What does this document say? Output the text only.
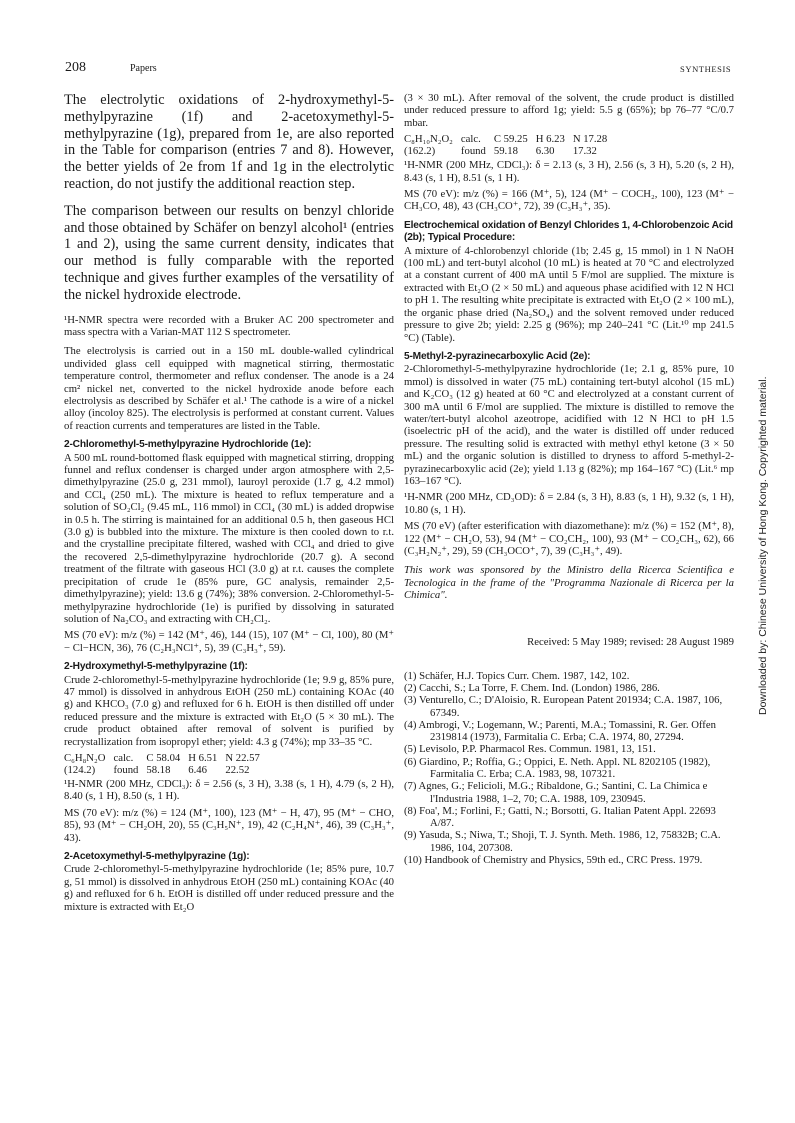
208	Papers	SYNTHESIS

The electrolytic oxidations of 2-hydroxymethyl-5-methylpyrazine (1f) and 2-acetoxymethyl-5-methylpyrazine (1g), prepared from 1e, are also reported in the Table for comparison (entries 7 and 8). However, the better yields of 2e from 1f and 1g in the electrolytic reaction, do not justify the additional reaction step.

The comparison between our results on benzyl chloride and those obtained by Schäfer on benzyl alcohol¹ (entries 1 and 2), using the same current density, indicates that our method is fully comparable with the reported technique and gives further examples of the versatility of the nickel hydroxide electrode.

¹H-NMR spectra were recorded with a Bruker AC 200 spectrometer and mass spectra with a Varian-MAT 112 S spectrometer.

The electrolysis is carried out in a 150 mL double-walled cylindrical undivided glass cell equipped with magnetical stirring, thermostatic temperature control, thermometer and reflux condenser. The anode is a 24 cm² nickel net, converted to the nickel hydroxide anode before each electrolysis as described by Schäfer et al.¹ The cathode is a wire of a nickel alloy (incoloy 825). The electrolysis is performed at constant current. Values of reaction currents and temperatures are listed in the Table.

2-Chloromethyl-5-methylpyrazine Hydrochloride (1e):

A 500 mL round-bottomed flask equipped with magnetical stirring, dropping funnel and reflux condenser is charged under argon atmosphere with 2,5-dimethylpyrazine (25.0 g, 231 mmol), lauroyl peroxide (1.7 g, 4.2 mmol) and CCl₄ (250 mL). The mixture is heated to reflux temperature and a solution of SO₂Cl₂ (9.45 mL, 116 mmol) in CCl₄ (30 mL) is added dropwise in 0.5 h. The stirring is maintained for an additional 0.5 h, then gaseous HCl (3.0 g) is bubbled into the mixture. The mixture is then cooled down to r.t. and the crystalline precipitate filtered, washed with CCl₄ and dried to give the recovered 2,5-dimethylpyrazine hydrochloride (20.7 g). A second treatment of the filtrate with gaseous HCl (3.0 g) at r.t. causes the complete precipitation of crude 1e (85% pure, GC analysis, remainder 2,5-dimethylpyrazine); yield: 13.6 g (74%); 38% conversion. 2-Chloromethyl-5-methylpyrazine hydrochloride (1e) is purified by dissolving in saturated solution of Na₂CO₃ and extracting with CH₂Cl₂.

MS (70 eV): m/z (%) = 142 (M⁺, 46), 144 (15), 107 (M⁺ − Cl, 100), 80 (M⁺ − Cl−HCN, 36), 76 (C₂H₃NCl⁺, 5), 39 (C₃H₃⁺, 59).

2-Hydroxymethyl-5-methylpyrazine (1f):

Crude 2-chloromethyl-5-methylpyrazine hydrochloride (1e; 9.9 g, 85% pure, 47 mmol) is dissolved in anhydrous EtOH (250 mL) containing KOAc (40 g) and KHCO₃ (7.0 g) and refluxed for 6 h. EtOH is then distilled off under reduced pressure and the mixture is extracted with Et₂O (5 × 30 mL). The crude product obtained after removal of solvent is purified by recrystallization from isopropyl ether; yield: 4.3 g (74%); mp 33–35 °C.

C₆H₈N₂O	calc.	C 58.04	H 6.51	N 22.57
(124.2)	found	58.18	6.46	22.52

¹H-NMR (200 MHz, CDCl₃): δ = 2.56 (s, 3 H), 3.38 (s, 1 H), 4.79 (s, 2 H), 8.40 (s, 1 H), 8.50 (s, 1 H).

MS (70 eV): m/z (%) = 124 (M⁺, 100), 123 (M⁺ − H, 47), 95 (M⁺ − CHO, 85), 93 (M⁺ − CH₂OH, 20), 55 (C₃H₅N⁺, 19), 42 (C₂H₄N⁺, 46), 39 (C₃H₃⁺, 43).

2-Acetoxymethyl-5-methylpyrazine (1g):

Crude 2-chloromethyl-5-methylpyrazine hydrochloride (1e; 85% pure, 10.7 g, 51 mmol) is dissolved in anhydrous EtOH (250 mL) containing KOAc (40 g) and refluxed for 6 h. EtOH is distilled off under reduced pressure and the mixture is extracted with Et₂O

(3 × 30 mL). After removal of the solvent, the crude product is distilled under reduced pressure to afford 1g; yield: 5.5 g (65%); bp 76–77 °C/0.7 mbar.

C₈H₁₀N₂O₂	calc.	C 59.25	H 6.23	N 17.28
(162.2)	found	59.18	6.30	17.32

¹H-NMR (200 MHz, CDCl₃): δ = 2.13 (s, 3 H), 2.56 (s, 3 H), 5.20 (s, 2 H), 8.43 (s, 1 H), 8.51 (s, 1 H).

MS (70 eV): m/z (%) = 166 (M⁺, 5), 124 (M⁺ − COCH₂, 100), 123 (M⁺ − CH₃CO, 48), 43 (CH₃CO⁺, 72), 39 (C₃H₃⁺, 35).

Electrochemical oxidation of Benzyl Chlorides 1, 4-Chlorobenzoic Acid (2b); Typical Procedure:

A mixture of 4-chlorobenzyl chloride (1b; 2.45 g, 15 mmol) in 1 N NaOH (100 mL) and tert-butyl alcohol (10 mL) is heated at 70 °C and electrolyzed at a constant current of 400 mA until 5 F/mol are supplied. The mixture is extracted with Et₂O (2 × 50 mL) and aqueous phase acidified with 12 N HCl to pH 1. The resulting white precipitate is extracted with Et₂O (2 × 100 mL), the organic phase dried (Na₂SO₄) and the solvent removed under reduced pressure to give 2b; yield: 2.25 g (96%); mp 240–241 °C (Lit.¹⁰ mp 241.5 °C) (Table).

5-Methyl-2-pyrazinecarboxylic Acid (2e):

2-Chloromethyl-5-methylpyrazine hydrochloride (1e; 2.1 g, 85% pure, 10 mmol) is dissolved in water (75 mL) containing tert-butyl alcohol (15 mL) and K₂CO₃ (12 g) heated at 60 °C and electrolyzed at a constant current of 300 mA until 6 F/mol are supplied. The mixture is distilled to remove the water/tert-butyl alcohol azeotrope, acidified with 12 N HCl to pH 1.5 (isoelectric pH of the acid), and the water is distilled off under reduced pressure. The resulting solid is extracted with methyl ethyl ketone (3 × 50 mL) and the organic solution is distilled to dryness to afford 5-methyl-2-pyrazinecarboxylic acid (2e); yield 1.13 g (82%); mp 164–167 °C) (Lit.⁶ mp 163–167 °C).

¹H-NMR (200 MHz, CD₃OD): δ = 2.84 (s, 3 H), 8.83 (s, 1 H), 9.32 (s, 1 H), 10.80 (s, 1 H).

MS (70 eV) (after esterification with diazomethane): m/z (%) = 152 (M⁺, 8), 122 (M⁺ − CH₂O, 53), 94 (M⁺ − CO₂CH₂, 100), 93 (M⁺ − CO₂CH₃, 62), 66 (C₃H₂N₂⁺, 29), 59 (CH₃OCO⁺, 7), 39 (C₃H₃⁺, 49).

This work was sponsored by the Ministro della Ricerca Scientifica e Tecnologica in the frame of the "Programma Nazionale di Ricerca per la Chimica".

Received: 5 May 1989; revised: 28 August 1989

(1) Schäfer, H.J. Topics Curr. Chem. 1987, 142, 102.
(2) Cacchi, S.; La Torre, F. Chem. Ind. (London) 1986, 286.
(3) Venturello, C.; D'Aloisio, R. European Patent 201934; C.A. 1987, 106, 67349.
(4) Ambrogi, V.; Logemann, W.; Parenti, M.A.; Tomassini, R. Ger. Offen 2319814 (1973), Farmitalia C. Erba; C.A. 1974, 80, 27294.
(5) Levisolo, P.P. Pharmacol Res. Commun. 1981, 13, 151.
(6) Giardino, P.; Roffia, G.; Oppici, E. Neth. Appl. NL 8202105 (1982), Farmitalia C. Erba; C.A. 1983, 98, 107321.
(7) Agnes, G.; Felicioli, M.G.; Ribaldone, G.; Santini, C. La Chimica e l'Industria 1988, 1–2, 70; C.A. 1988, 109, 230945.
(8) Foa', M.; Forlini, F.; Gatti, N.; Borsotti, G. Italian Patent Appl. 22693 A/87.
(9) Yasuda, S.; Niwa, T.; Shoji, T. J. Synth. Meth. 1986, 12, 75832B; C.A. 1986, 104, 207308.
(10) Handbook of Chemistry and Physics, 59th ed., CRC Press. 1979.
Downloaded by: Chinese University of Hong Kong. Copyrighted material.
